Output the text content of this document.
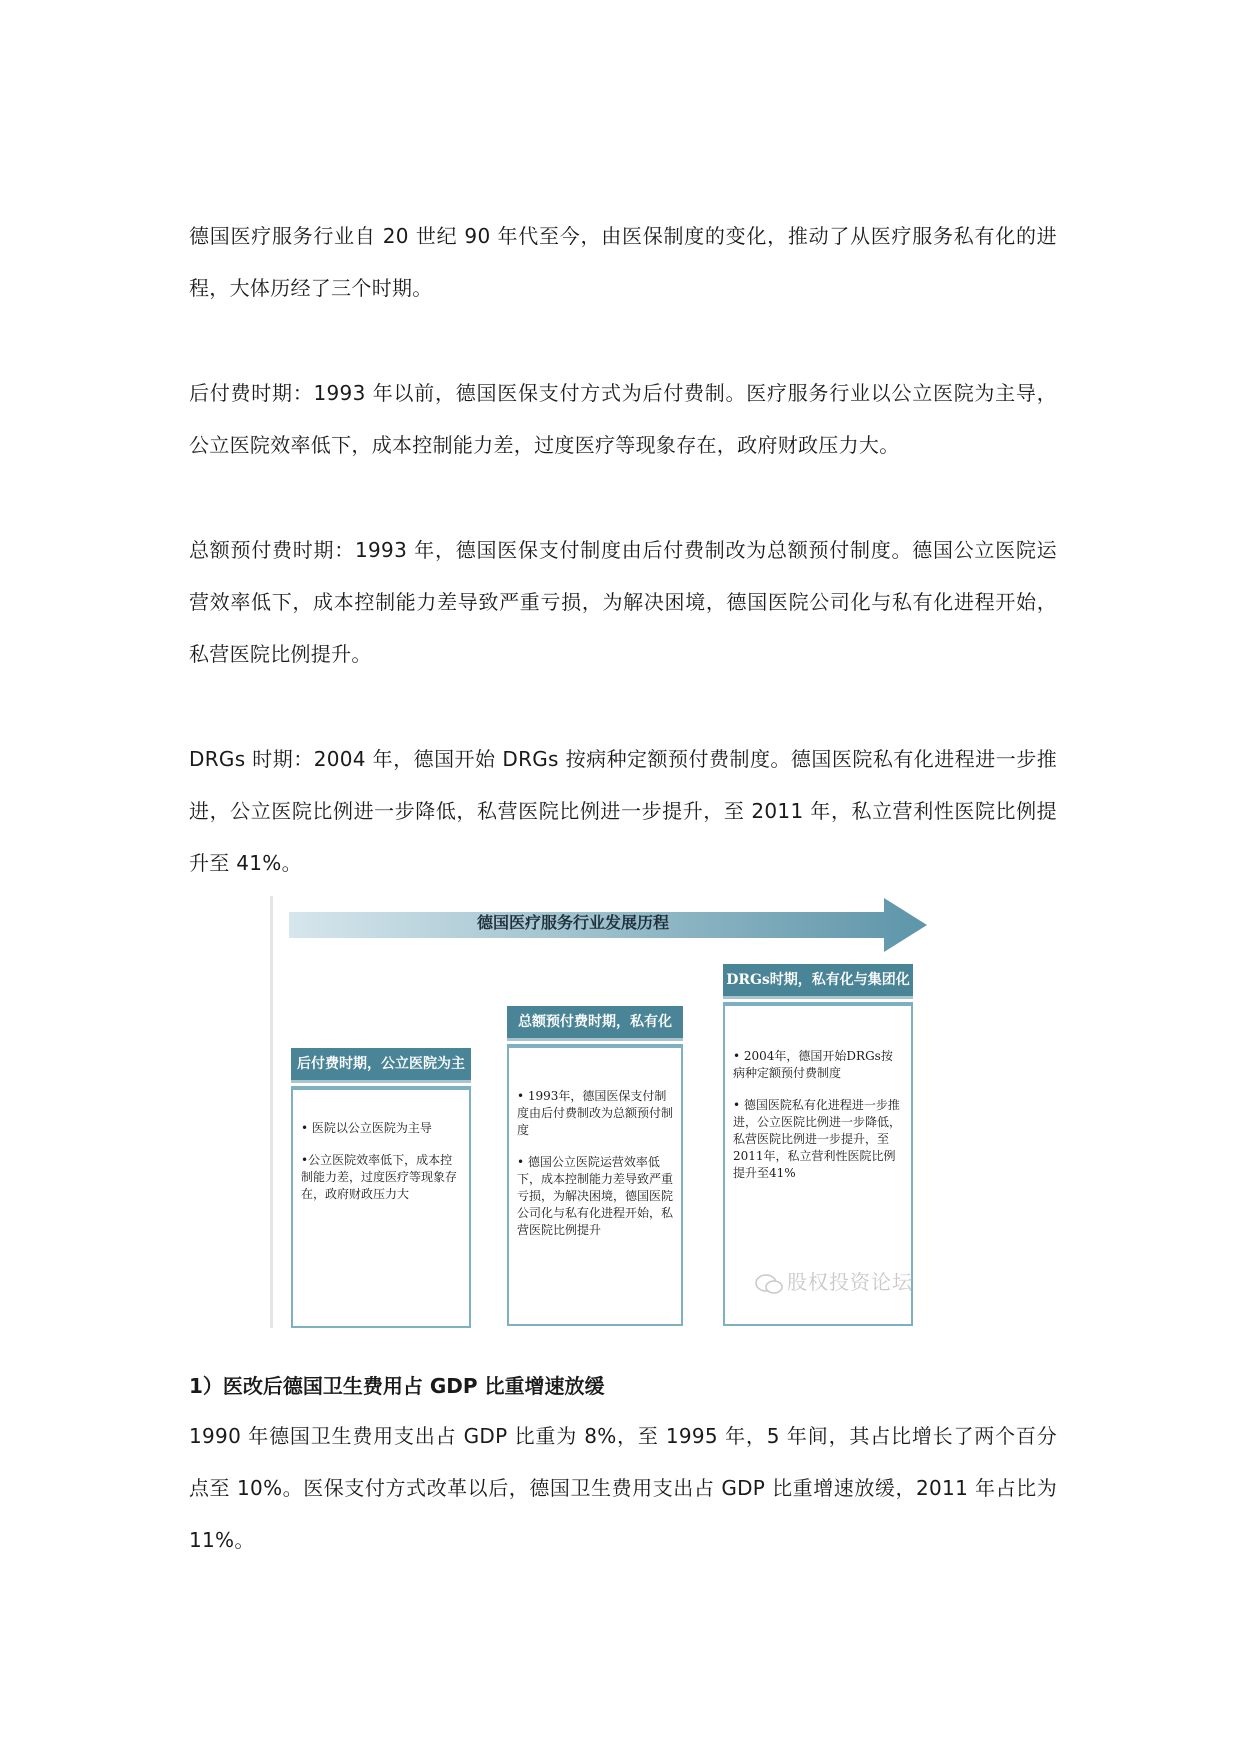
德国医疗服务行业自 20 世纪 90 年代至今，由医保制度的变化，推动了从医疗服务私有化的进程，大体历经了三个时期。

后付费时期：1993 年以前，德国医保支付方式为后付费制。医疗服务行业以公立医院为主导，公立医院效率低下，成本控制能力差，过度医疗等现象存在，政府财政压力大。

总额预付费时期：1993 年，德国医保支付制度由后付费制改为总额预付制度。德国公立医院运营效率低下，成本控制能力差导致严重亏损，为解决困境，德国医院公司化与私有化进程开始，私营医院比例提升。

DRGs 时期：2004 年，德国开始 DRGs 按病种定额预付费制度。德国医院私有化进程进一步推进，公立医院比例进一步降低，私营医院比例进一步提升，至 2011 年，私立营利性医院比例提升至 41%。

德国医疗服务行业发展历程
后付费时期，公立医院为主

• 医院以公立医院为主导

•公立医院效率低下，成本控制能力差，过度医疗等现象存在，政府财政压力大

总额预付费时期，私有化

• 1993年，德国医保支付制度由后付费制改为总额预付制度

• 德国公立医院运营效率低下，成本控制能力差导致严重亏损，为解决困境，德国医院公司化与私有化进程开始，私营医院比例提升

DRGs时期，私有化与集团化

• 2004年，德国开始DRGs按病种定额预付费制度

• 德国医院私有化进程进一步推进，公立医院比例进一步降低，私营医院比例进一步提升，至2011年，私立营利性医院比例提升至41%

股权投资论坛
1）医改后德国卫生费用占 GDP 比重增速放缓

1990 年德国卫生费用支出占 GDP 比重为 8%，至 1995 年，5 年间，其占比增长了两个百分点至 10%。医保支付方式改革以后，德国卫生费用支出占 GDP 比重增速放缓，2011 年占比为 11%。
